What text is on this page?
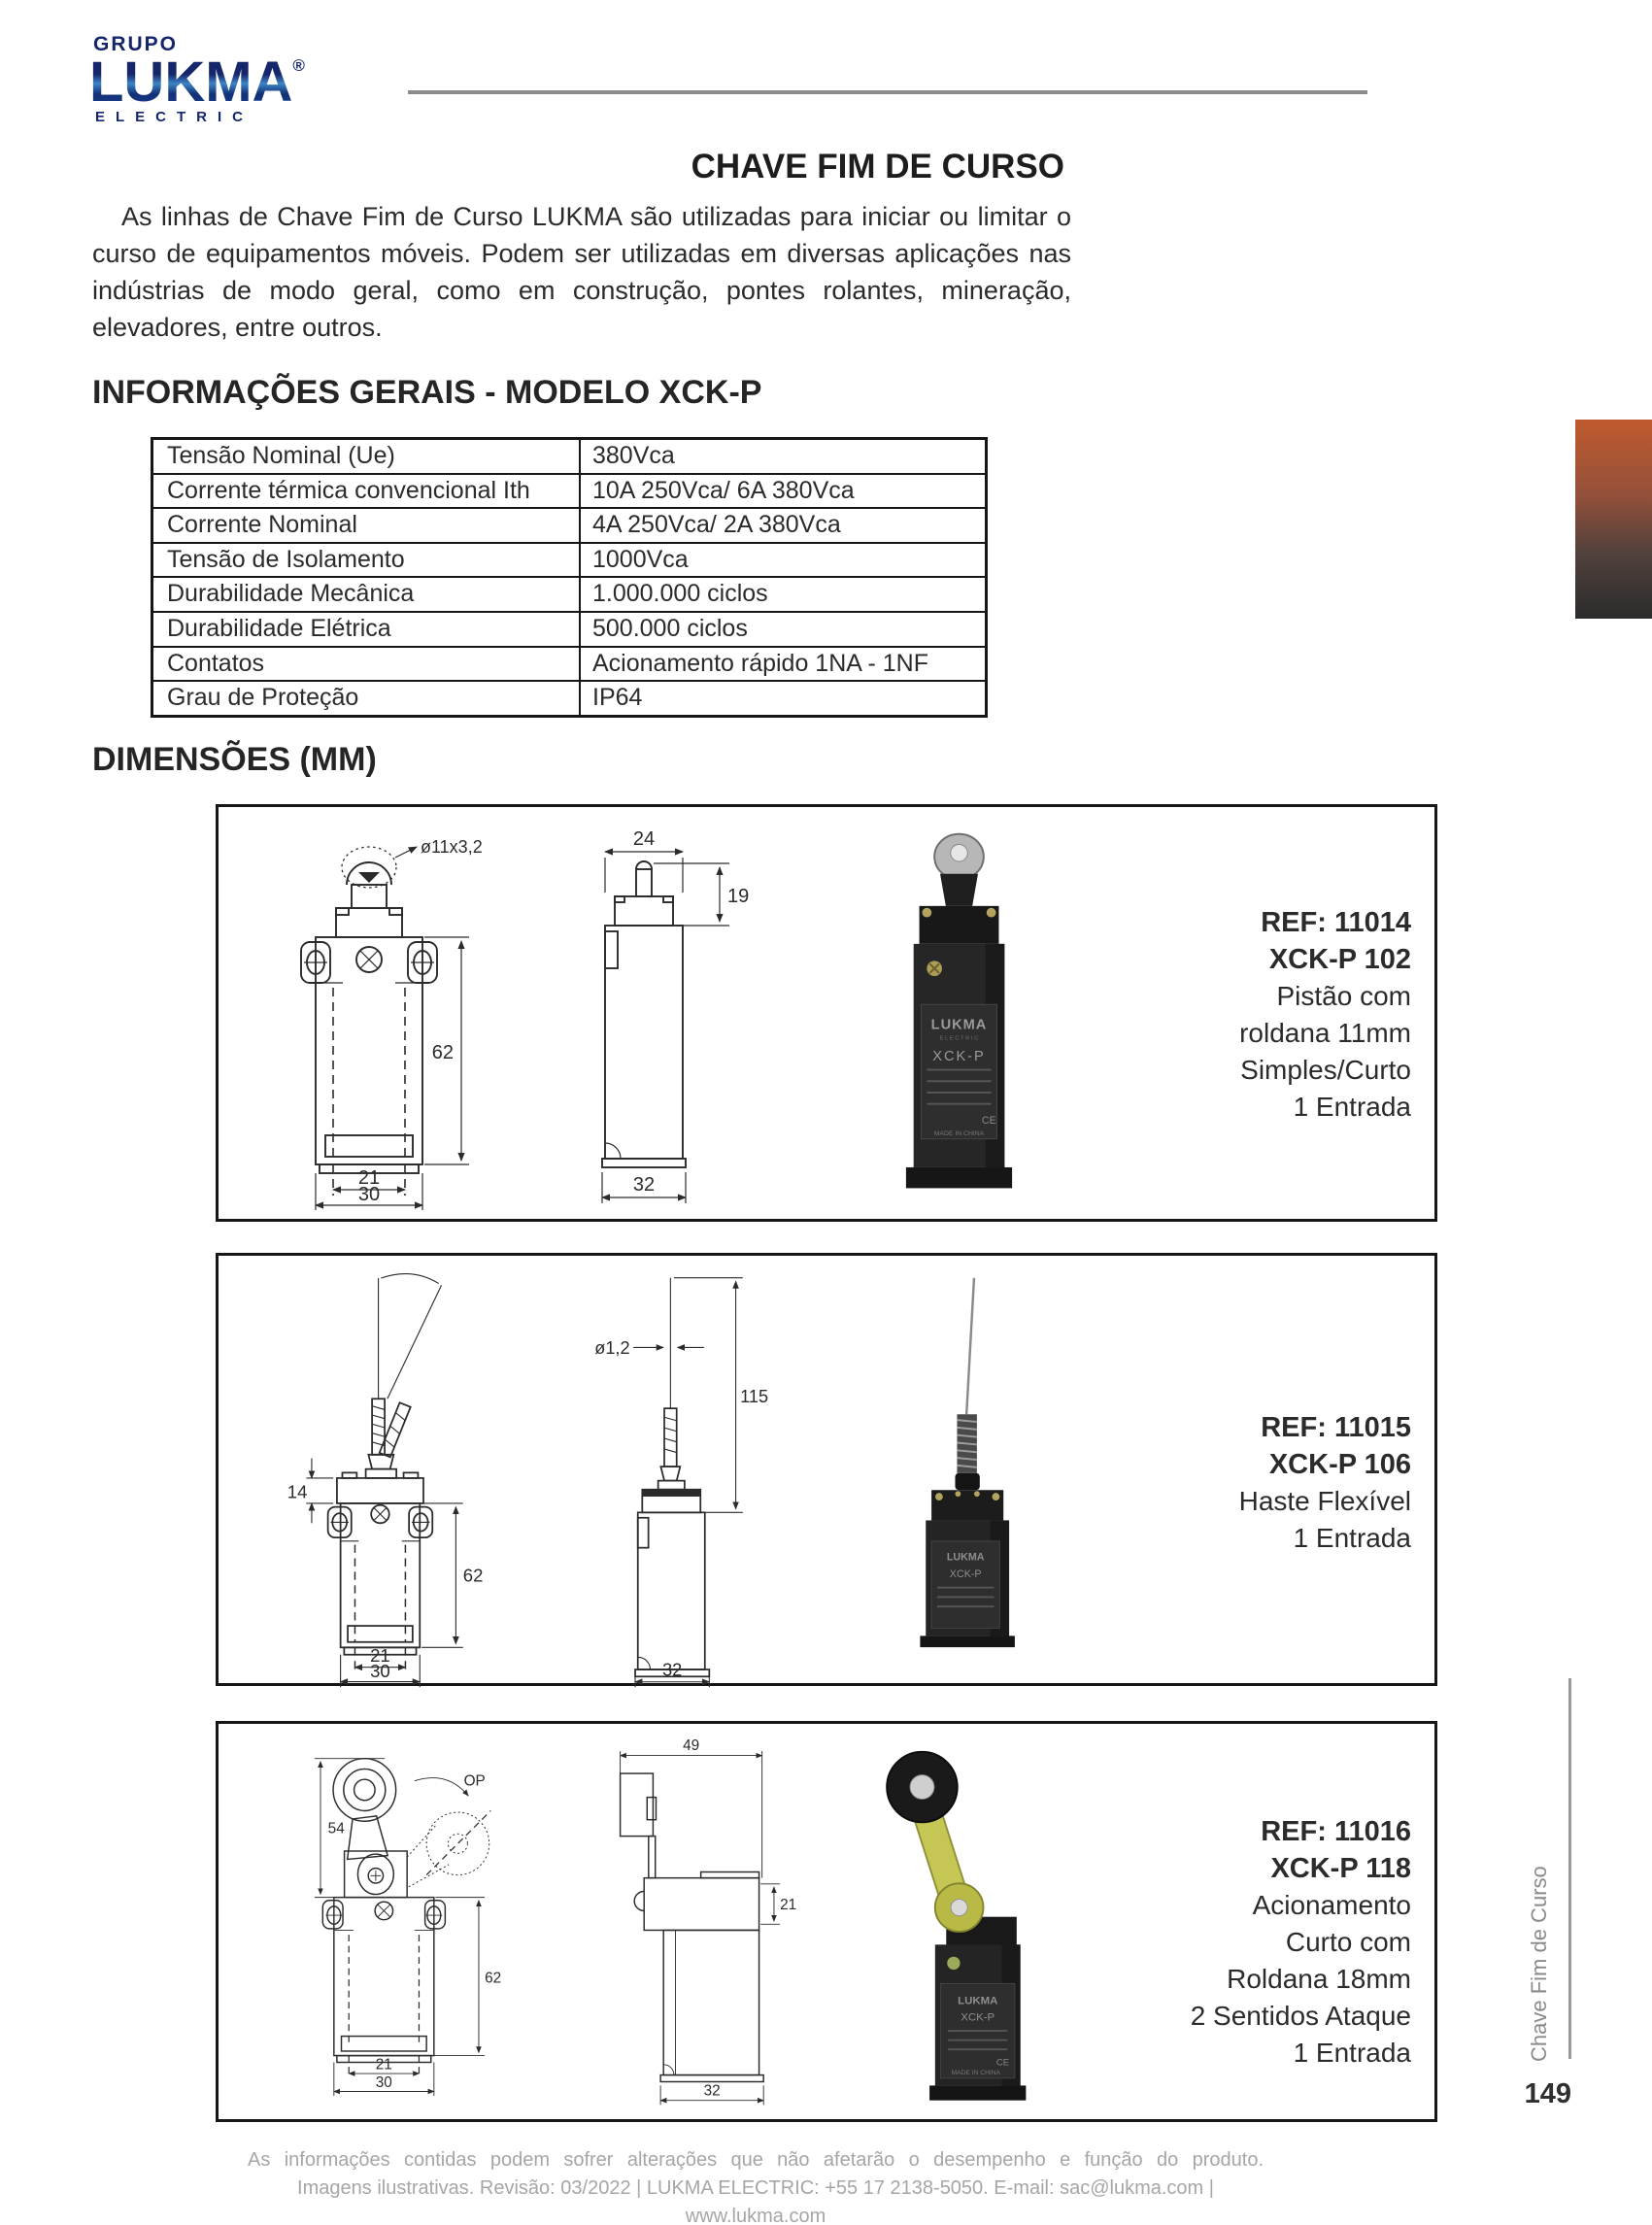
GRUPO
LUKMA®
ELECTRIC
CHAVE FIM DE CURSO
As linhas de Chave Fim de Curso LUKMA são utilizadas para iniciar ou limitar o curso de equipamentos móveis. Podem ser utilizadas em diversas aplicações nas indústrias de modo geral, como em construção, pontes rolantes, mineração, elevadores, entre outros.
INFORMAÇÕES GERAIS - MODELO XCK-P
Tensão Nominal (Ue)	380Vca
Corrente térmica convencional Ith	10A 250Vca/ 6A 380Vca
Corrente Nominal	4A 250Vca/ 2A 380Vca
Tensão de Isolamento	1000Vca
Durabilidade Mecânica	1.000.000 ciclos
Durabilidade Elétrica	500.000 ciclos
Contatos	Acionamento rápido 1NA - 1NF
Grau de Proteção	IP64
DIMENSÕES (MM)
ø11x3,2
62
21
30
24
19
32
LUKMA
E L E C T R I C
XCK-P
CE
MADE IN CHINA
REF: 11014
XCK-P 102
Pistão com
roldana 11mm
Simples/Curto
1 Entrada
14
62
21
30
ø1,2
115
32
LUKMA
XCK-P
REF: 11015
XCK-P 106
Haste Flexível
1 Entrada
OP
54
62
21
30
49
21
32
LUKMA
XCK-P
CE
MADE IN CHINA
REF: 11016
XCK-P 118
Acionamento
Curto com
Roldana 18mm
2 Sentidos Ataque
1 Entrada	Chave Fim de Curso
149
As informações contidas podem sofrer alterações que não afetarão o desempenho e função do produto.
Imagens ilustrativas. Revisão: 03/2022 | LUKMA ELECTRIC: +55 17 2138-5050. E-mail: sac@lukma.com | www.lukma.com
